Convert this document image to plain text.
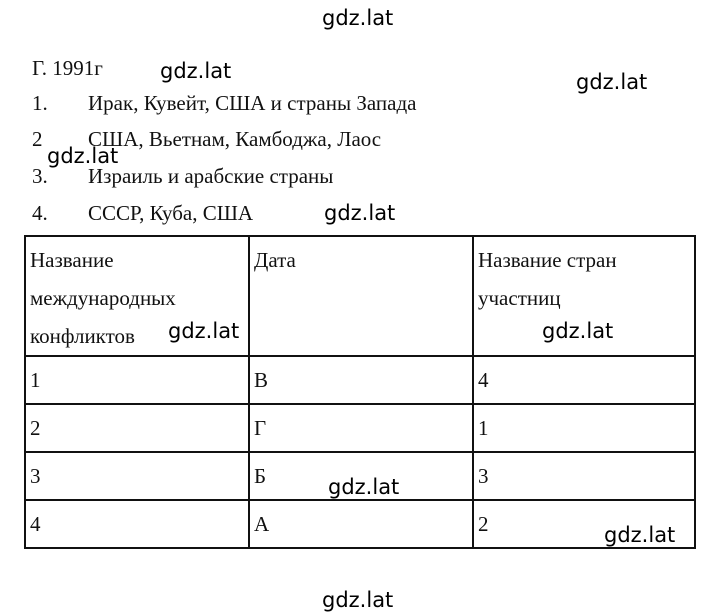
gdz.lat
Г. 1991г	gdz.lat	gdz.lat
1. Ирак, Кувейт, США и страны Запада
2 США, Вьетнам, Камбоджа, Лаос
gdz.lat
3. Израиль и арабские страны
4. СССР, Куба, США	gdz.lat
Название международных конфликтов	Дата	Название стран участниц
1	В	4
2	Г	1
3	Б	3
4	А	2
gdz.lat	gdz.lat
gdz.lat
gdz.lat
gdz.lat
